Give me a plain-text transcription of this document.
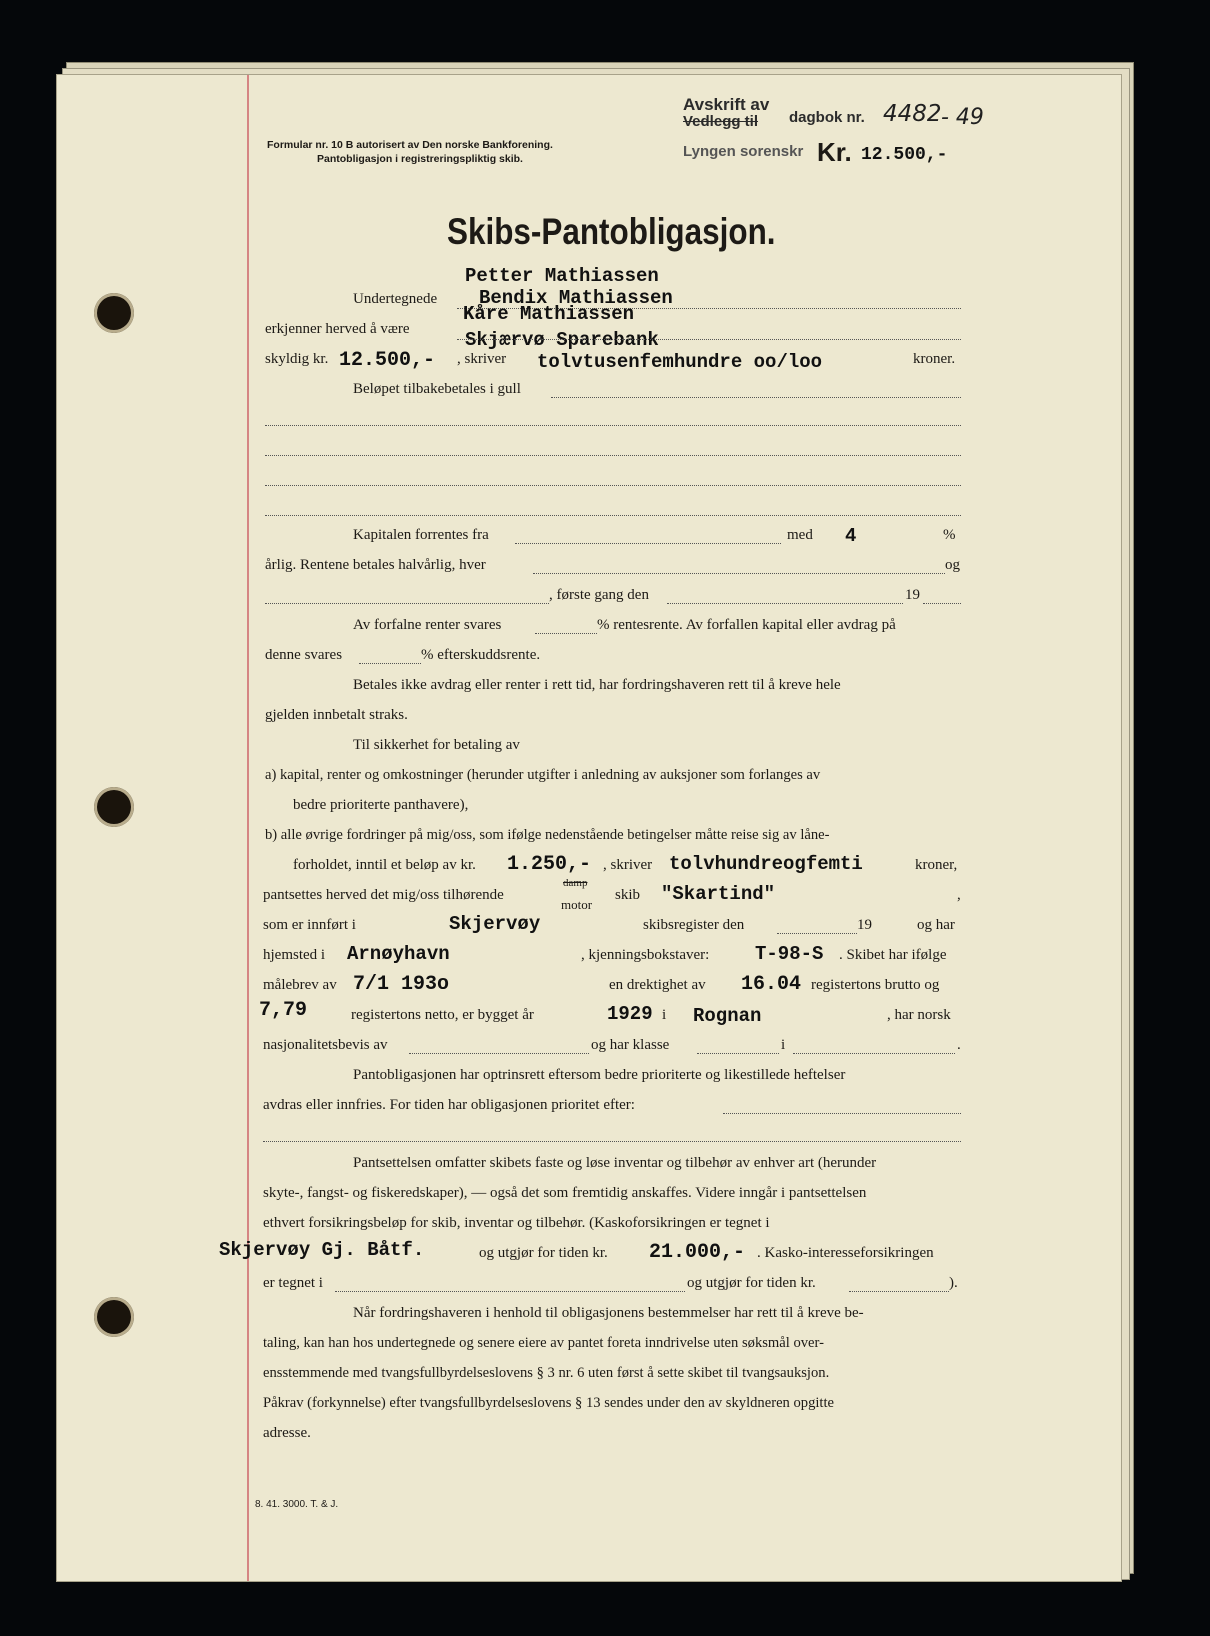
Formular nr. 10 B autorisert av Den norske Bankforening.
Pantobligasjon i registreringspliktig skib.
Avskrift av
Vedlegg til dagbok nr. 4482 - 49
Lyngen sorenskr Kr. 12.500,-
Skibs-Pantobligasjon.
Petter Mathiassen
Undertegnede Bendix Mathiassen
Kåre Mathiassen
erkjenner herved å være	Skjærvø Sparebank
skyldig kr. 12.500,- , skriver tolvtusenfemhundre oo/loo	kroner.
Beløpet tilbakebetales i gull
Kapitalen forrentes fra	med 4	%
årlig. Rentene betales halvårlig, hver	og
, første gang den	19
Av forfalne renter svares	% rentesrente. Av forfallen kapital eller avdrag på
denne svares	% efterskuddsrente.
Betales ikke avdrag eller renter i rett tid, har fordringshaveren rett til å kreve hele
gjelden innbetalt straks.
Til sikkerhet for betaling av
a) kapital, renter og omkostninger (herunder utgifter i anledning av auksjoner som forlanges av
bedre prioriterte panthavere),
b) alle øvrige fordringer på mig/oss, som ifølge nedenstående betingelser måtte reise sig av låne-
forholdet, inntil et beløp av kr. 1.250,- , skriver tolvhundreogfemti	kroner,
pantsettes herved det mig/oss tilhørende
damp
motor
skib "Skartind"	,
som er innført i	Skjervøy	skibsregister den	19	og har
hjemsted i Arnøyhavn	, kjenningsbokstaver: T-98-S . Skibet har ifølge
målebrev av 7/1 193o	en drektighet av 16.04 registertons brutto og
7,79	registertons netto, er bygget år	1929 i Rognan	, har norsk
nasjonalitetsbevis av	og har klasse	i	.
Pantobligasjonen har optrinsrett eftersom bedre prioriterte og likestillede heftelser
avdras eller innfries. For tiden har obligasjonen prioritet efter:
Pantsettelsen omfatter skibets faste og løse inventar og tilbehør av enhver art (herunder
skyte-, fangst- og fiskeredskaper), — også det som fremtidig anskaffes. Videre inngår i pantsettelsen
ethvert forsikringsbeløp for skib, inventar og tilbehør. (Kaskoforsikringen er tegnet i
Skjervøy Gj. Båtf.	og utgjør for tiden kr. 21.000,- . Kasko-interesseforsikringen
er tegnet i	og utgjør for tiden kr.	).
Når fordringshaveren i henhold til obligasjonens bestemmelser har rett til å kreve be-
taling, kan han hos undertegnede og senere eiere av pantet foreta inndrivelse uten søksmål over-
ensstemmende med tvangsfullbyrdelseslovens § 3 nr. 6 uten først å sette skibet til tvangsauksjon.
Påkrav (forkynnelse) efter tvangsfullbyrdelseslovens § 13 sendes under den av skyldneren opgitte
adresse.
8. 41. 3000. T. & J.
